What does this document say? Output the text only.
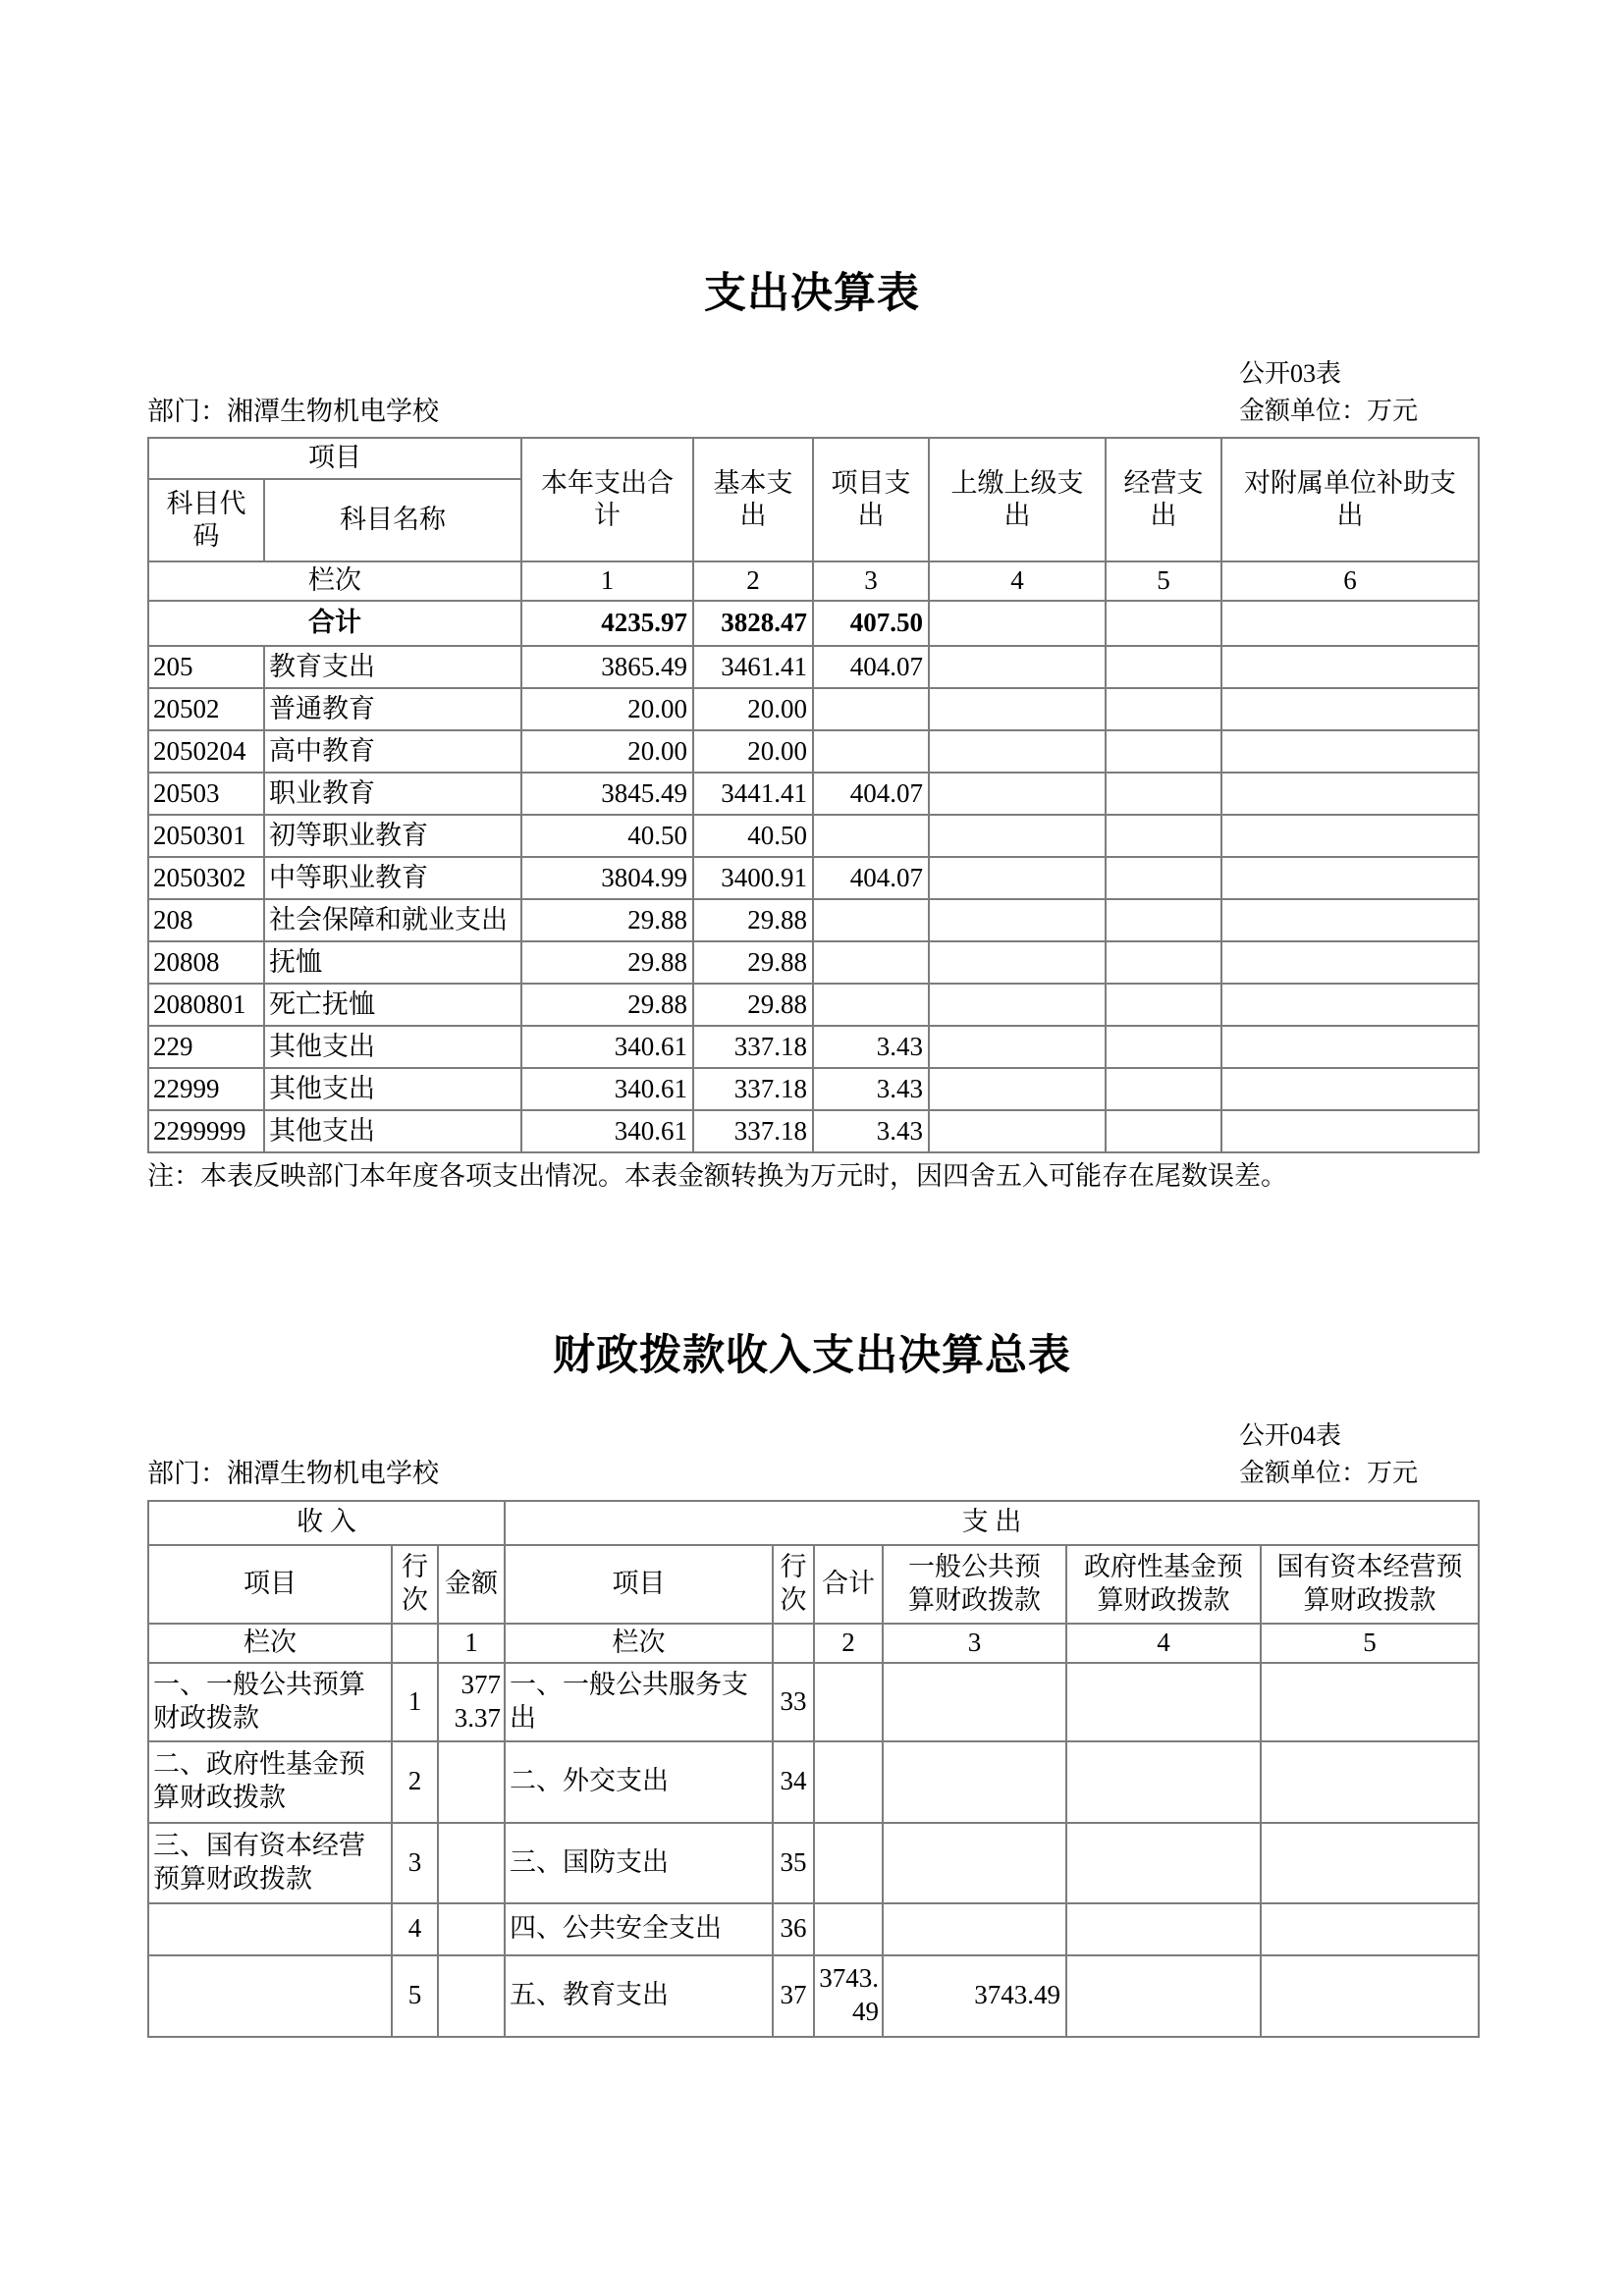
支出决算表
部门：湘潭生物机电学校
公开03表
金额单位：万元
项目		本年支出合计	基本支出	项目支出	上缴上级支出	经营支出	对附属单位补助支出
科目代码	科目名称						
栏次		1	2	3	4	5	6
合计		4235.97	3828.47	407.50			
205	教育支出	3865.49	3461.41	404.07			
20502	普通教育	20.00	20.00				
2050204	高中教育	20.00	20.00				
20503	职业教育	3845.49	3441.41	404.07			
2050301	初等职业教育	40.50	40.50				
2050302	中等职业教育	3804.99	3400.91	404.07			
208	社会保障和就业支出	29.88	29.88				
20808	抚恤	29.88	29.88				
2080801	死亡抚恤	29.88	29.88				
229	其他支出	340.61	337.18	3.43			
22999	其他支出	340.61	337.18	3.43			
2299999	其他支出	340.61	337.18	3.43			
注：本表反映部门本年度各项支出情况。本表金额转换为万元时，因四舍五入可能存在尾数误差。
财政拨款收入支出决算总表
部门：湘潭生物机电学校
公开04表
金额单位：万元
收 入			支 出					
项目	行次	金额	项目	行次	合计	一般公共预算财政拨款	政府性基金预算财政拨款	国有资本经营预算财政拨款
栏次		1	栏次		2	3	4	5
一、一般公共预算财政拨款	1	3773.37	一、一般公共服务支出	33				
二、政府性基金预算财政拨款	2		二、外交支出	34				
三、国有资本经营预算财政拨款	3		三、国防支出	35				
	4		四、公共安全支出	36				
	5		五、教育支出	37	3743.49	3743.49		
